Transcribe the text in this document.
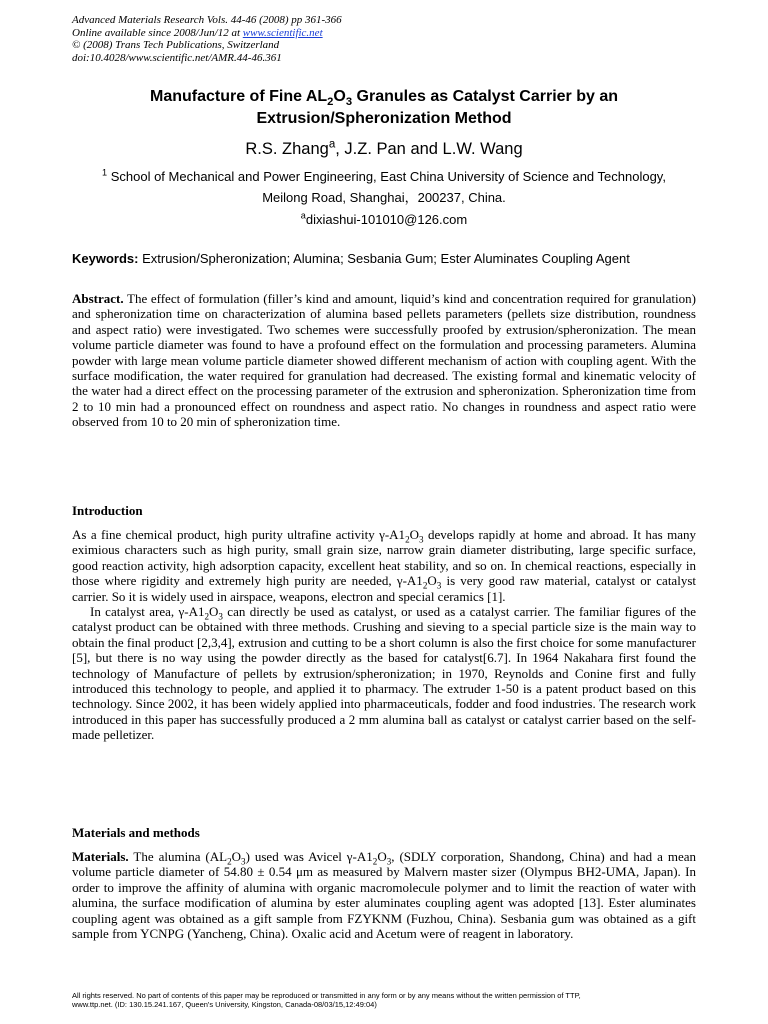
Advanced Materials Research Vols. 44-46 (2008) pp 361-366
Online available since 2008/Jun/12 at www.scientific.net
© (2008) Trans Tech Publications, Switzerland
doi:10.4028/www.scientific.net/AMR.44-46.361
Manufacture of Fine $AL_2O_3$ Granules as Catalyst Carrier by an
Extrusion/Spheronization Method
R.S. Zhang$^a$, J.Z. Pan and L.W. Wang
$^1$ School of Mechanical and Power Engineering, East China University of Science and Technology,
Meilong Road, Shanghai，200237, China.
$^a$dixiashui-101010@126.com
Keywords: Extrusion/Spheronization; Alumina; Sesbania Gum; Ester Aluminates Coupling Agent

Abstract. The effect of formulation (filler’s kind and amount, liquid’s kind and concentration required for granulation) and spheronization time on characterization of alumina based pellets parameters (pellets size distribution, roundness and aspect ratio) were investigated. Two schemes were successfully proofed by extrusion/spheronization. The mean volume particle diameter was found to have a profound effect on the formulation and processing parameters. Alumina powder with large mean volume particle diameter showed different mechanism of action with coupling agent. With the surface modification, the water required for granulation had decreased. The existing formal and kinematic velocity of the water had a direct effect on the processing parameter of the extrusion and spheronization. Spheronization time from 2 to 10 min had a pronounced effect on roundness and aspect ratio. No changes in roundness and aspect ratio were observed from 10 to 20 min of spheronization time.

Introduction

As a fine chemical product, high purity ultrafine activity $\gamma-A1_2O_3$ develops rapidly at home and abroad. It has many eximious characters such as high purity, small grain size, narrow grain diameter distributing, large specific surface, good reaction activity, high adsorption capacity, excellent heat stability, and so on. In chemical reactions, especially in those where rigidity and extremely high purity are needed, $\gamma-A1_2O_3$ is very good raw material, catalyst or catalyst carrier. So it is widely used in airspace, weapons, electron and special ceramics [1].

In catalyst area, $\gamma-A1_2O_3$ can directly be used as catalyst, or used as a catalyst carrier. The familiar figures of the catalyst product can be obtained with three methods. Crushing and sieving to a special particle size is the main way to obtain the final product [2,3,4], extrusion and cutting to be a short column is also the first choice for some manufacturer [5], but there is no way using the powder directly as the based for catalyst[6.7]. In 1964 Nakahara first found the technology of Manufacture of pellets by extrusion/spheronization; in 1970, Reynolds and Conine first and fully introduced this technology to people, and applied it to pharmacy. The extruder 1-50 is a patent product based on this technology. Since 2002, it has been widely applied into pharmaceuticals, fodder and food industries. The research work introduced in this paper has successfully produced a 2 mm alumina ball as catalyst or catalyst carrier based on the self-made pelletizer.

Materials and methods

Materials. The alumina $(AL_2O_3)$ used was Avicel $\gamma-A1_2O_3$, (SDLY corporation, Shandong, China) and had a mean volume particle diameter of 54.80 ± 0.54 μm as measured by Malvern master sizer (Olympus BH2-UMA, Japan). In order to improve the affinity of alumina with organic macromolecule polymer and to limit the reaction of water with alumina, the surface modification of alumina by ester aluminates coupling agent was adopted [13]. Ester aluminates coupling agent was obtained as a gift sample from FZYKNM (Fuzhou, China). Sesbania gum was obtained as a gift sample from YCNPG (Yancheng, China). Oxalic acid and Acetum were of reagent in laboratory.

All rights reserved. No part of contents of this paper may be reproduced or transmitted in any form or by any means without the written permission of TTP,
www.ttp.net. (ID: 130.15.241.167, Queen's University, Kingston, Canada-08/03/15,12:49:04)
